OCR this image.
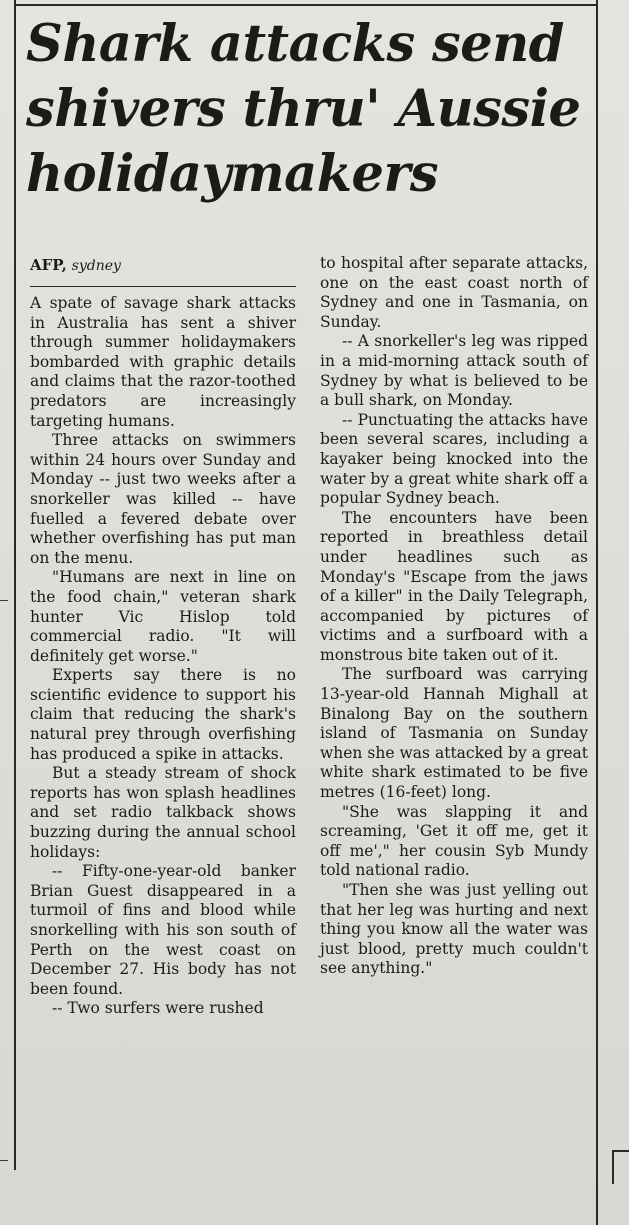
Shark attacks send
shivers thru' Aussie
holidaymakers
AFP, sydney

A spate of savage shark attacks in Australia has sent a shiver through summer holidaymakers bombarded with graphic details and claims that the razor-toothed predators are increasingly targeting humans.

Three attacks on swimmers within 24 hours over Sunday and Monday -- just two weeks after a snorkeller was killed -- have fuelled a fevered debate over whether overfishing has put man on the menu.

"Humans are next in line on the food chain," veteran shark hunter Vic Hislop told commercial radio. "It will definitely get worse."

Experts say there is no scientific evidence to support his claim that reducing the shark's natural prey through overfishing has produced a spike in attacks.

But a steady stream of shock reports has won splash headlines and set radio talkback shows buzzing during the annual school holidays:

-- Fifty-one-year-old banker Brian Guest disappeared in a turmoil of fins and blood while snorkelling with his son south of Perth on the west coast on December 27. His body has not been found.

-- Two surfers were rushed

to hospital after separate attacks, one on the east coast north of Sydney and one in Tasmania, on Sunday.

-- A snorkeller's leg was ripped in a mid-morning attack south of Sydney by what is believed to be a bull shark, on Monday.

-- Punctuating the attacks have been several scares, including a kayaker being knocked into the water by a great white shark off a popular Sydney beach.

The encounters have been reported in breathless detail under headlines such as Monday's "Escape from the jaws of a killer" in the Daily Telegraph, accompanied by pictures of victims and a surfboard with a monstrous bite taken out of it.

The surfboard was carrying 13-year-old Hannah Mighall at Binalong Bay on the southern island of Tasmania on Sunday when she was attacked by a great white shark estimated to be five metres (16-feet) long.

"She was slapping it and screaming, 'Get it off me, get it off me'," her cousin Syb Mundy told national radio.

"Then she was just yelling out that her leg was hurting and next thing you know all the water was just blood, pretty much couldn't see anything."
